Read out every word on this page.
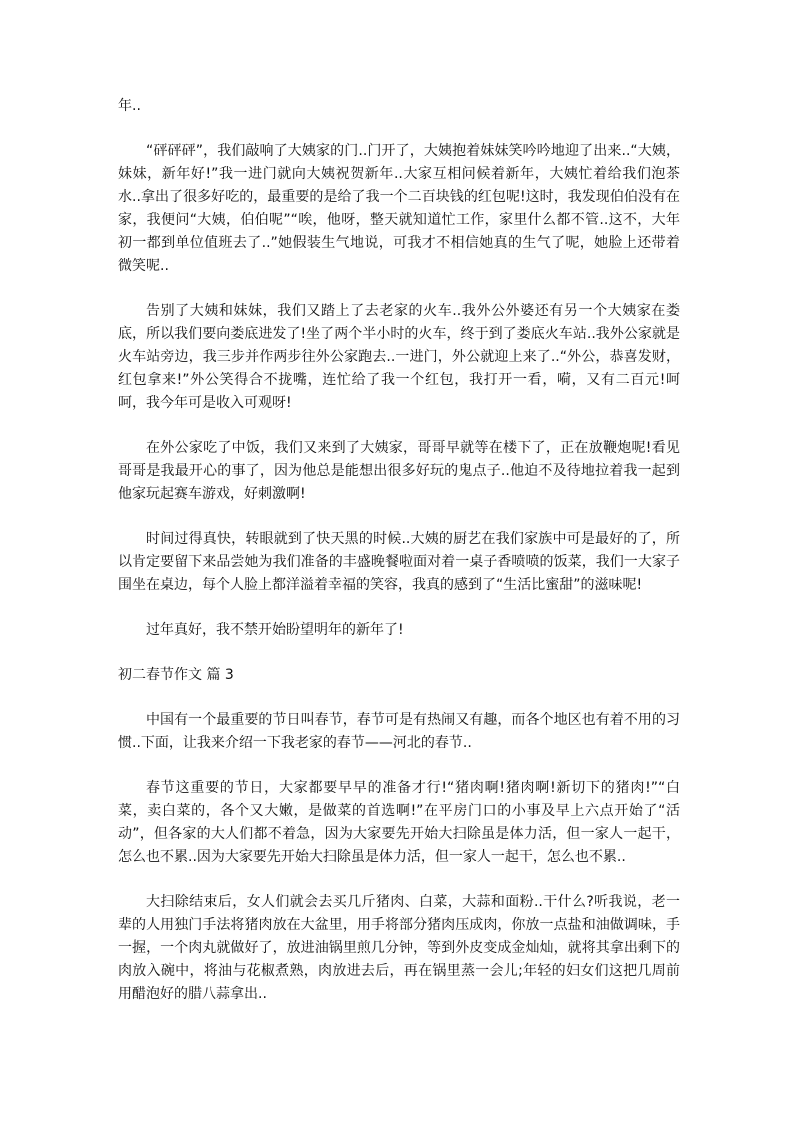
年..

“砰砰砰”，我们敲响了大姨家的门..门开了，大姨抱着妹妹笑吟吟地迎了出来..“大姨，妹妹，新年好!”我一进门就向大姨祝贺新年..大家互相问候着新年，大姨忙着给我们泡茶水..拿出了很多好吃的，最重要的是给了我一个二百块钱的红包呢!这时，我发现伯伯没有在家，我便问“大姨，伯伯呢”“唉，他呀，整天就知道忙工作，家里什么都不管..这不，大年初一都到单位值班去了..”她假装生气地说，可我才不相信她真的生气了呢，她脸上还带着微笑呢..

告别了大姨和妹妹，我们又踏上了去老家的火车..我外公外婆还有另一个大姨家在娄底，所以我们要向娄底进发了!坐了两个半小时的火车，终于到了娄底火车站..我外公家就是火车站旁边，我三步并作两步往外公家跑去..一进门，外公就迎上来了..“外公，恭喜发财，红包拿来!”外公笑得合不拢嘴，连忙给了我一个红包，我打开一看，嗬，又有二百元!呵呵，我今年可是收入可观呀!

在外公家吃了中饭，我们又来到了大姨家，哥哥早就等在楼下了，正在放鞭炮呢!看见哥哥是我最开心的事了，因为他总是能想出很多好玩的鬼点子..他迫不及待地拉着我一起到他家玩起赛车游戏，好刺激啊!

时间过得真快，转眼就到了快天黑的时候..大姨的厨艺在我们家族中可是最好的了，所以肯定要留下来品尝她为我们准备的丰盛晚餐啦面对着一桌子香喷喷的饭菜，我们一大家子围坐在桌边，每个人脸上都洋溢着幸福的笑容，我真的感到了“生活比蜜甜”的滋味呢!

过年真好，我不禁开始盼望明年的新年了!

初二春节作文 篇 3

中国有一个最重要的节日叫春节，春节可是有热闹又有趣，而各个地区也有着不用的习惯..下面，让我来介绍一下我老家的春节——河北的春节..

春节这重要的节日，大家都要早早的准备才行!“猪肉啊!猪肉啊!新切下的猪肉!”“白菜，卖白菜的，各个又大嫩，是做菜的首选啊!”在平房门口的小事及早上六点开始了“活动”，但各家的大人们都不着急，因为大家要先开始大扫除虽是体力活，但一家人一起干，怎么也不累..因为大家要先开始大扫除虽是体力活，但一家人一起干，怎么也不累..

大扫除结束后，女人们就会去买几斤猪肉、白菜，大蒜和面粉..干什么?听我说，老一辈的人用独门手法将猪肉放在大盆里，用手将部分猪肉压成肉，你放一点盐和油做调味，手一握，一个肉丸就做好了，放进油锅里煎几分钟，等到外皮变成金灿灿，就将其拿出剩下的肉放入碗中，将油与花椒煮熟，肉放进去后，再在锅里蒸一会儿;年轻的妇女们这把几周前用醋泡好的腊八蒜拿出..
